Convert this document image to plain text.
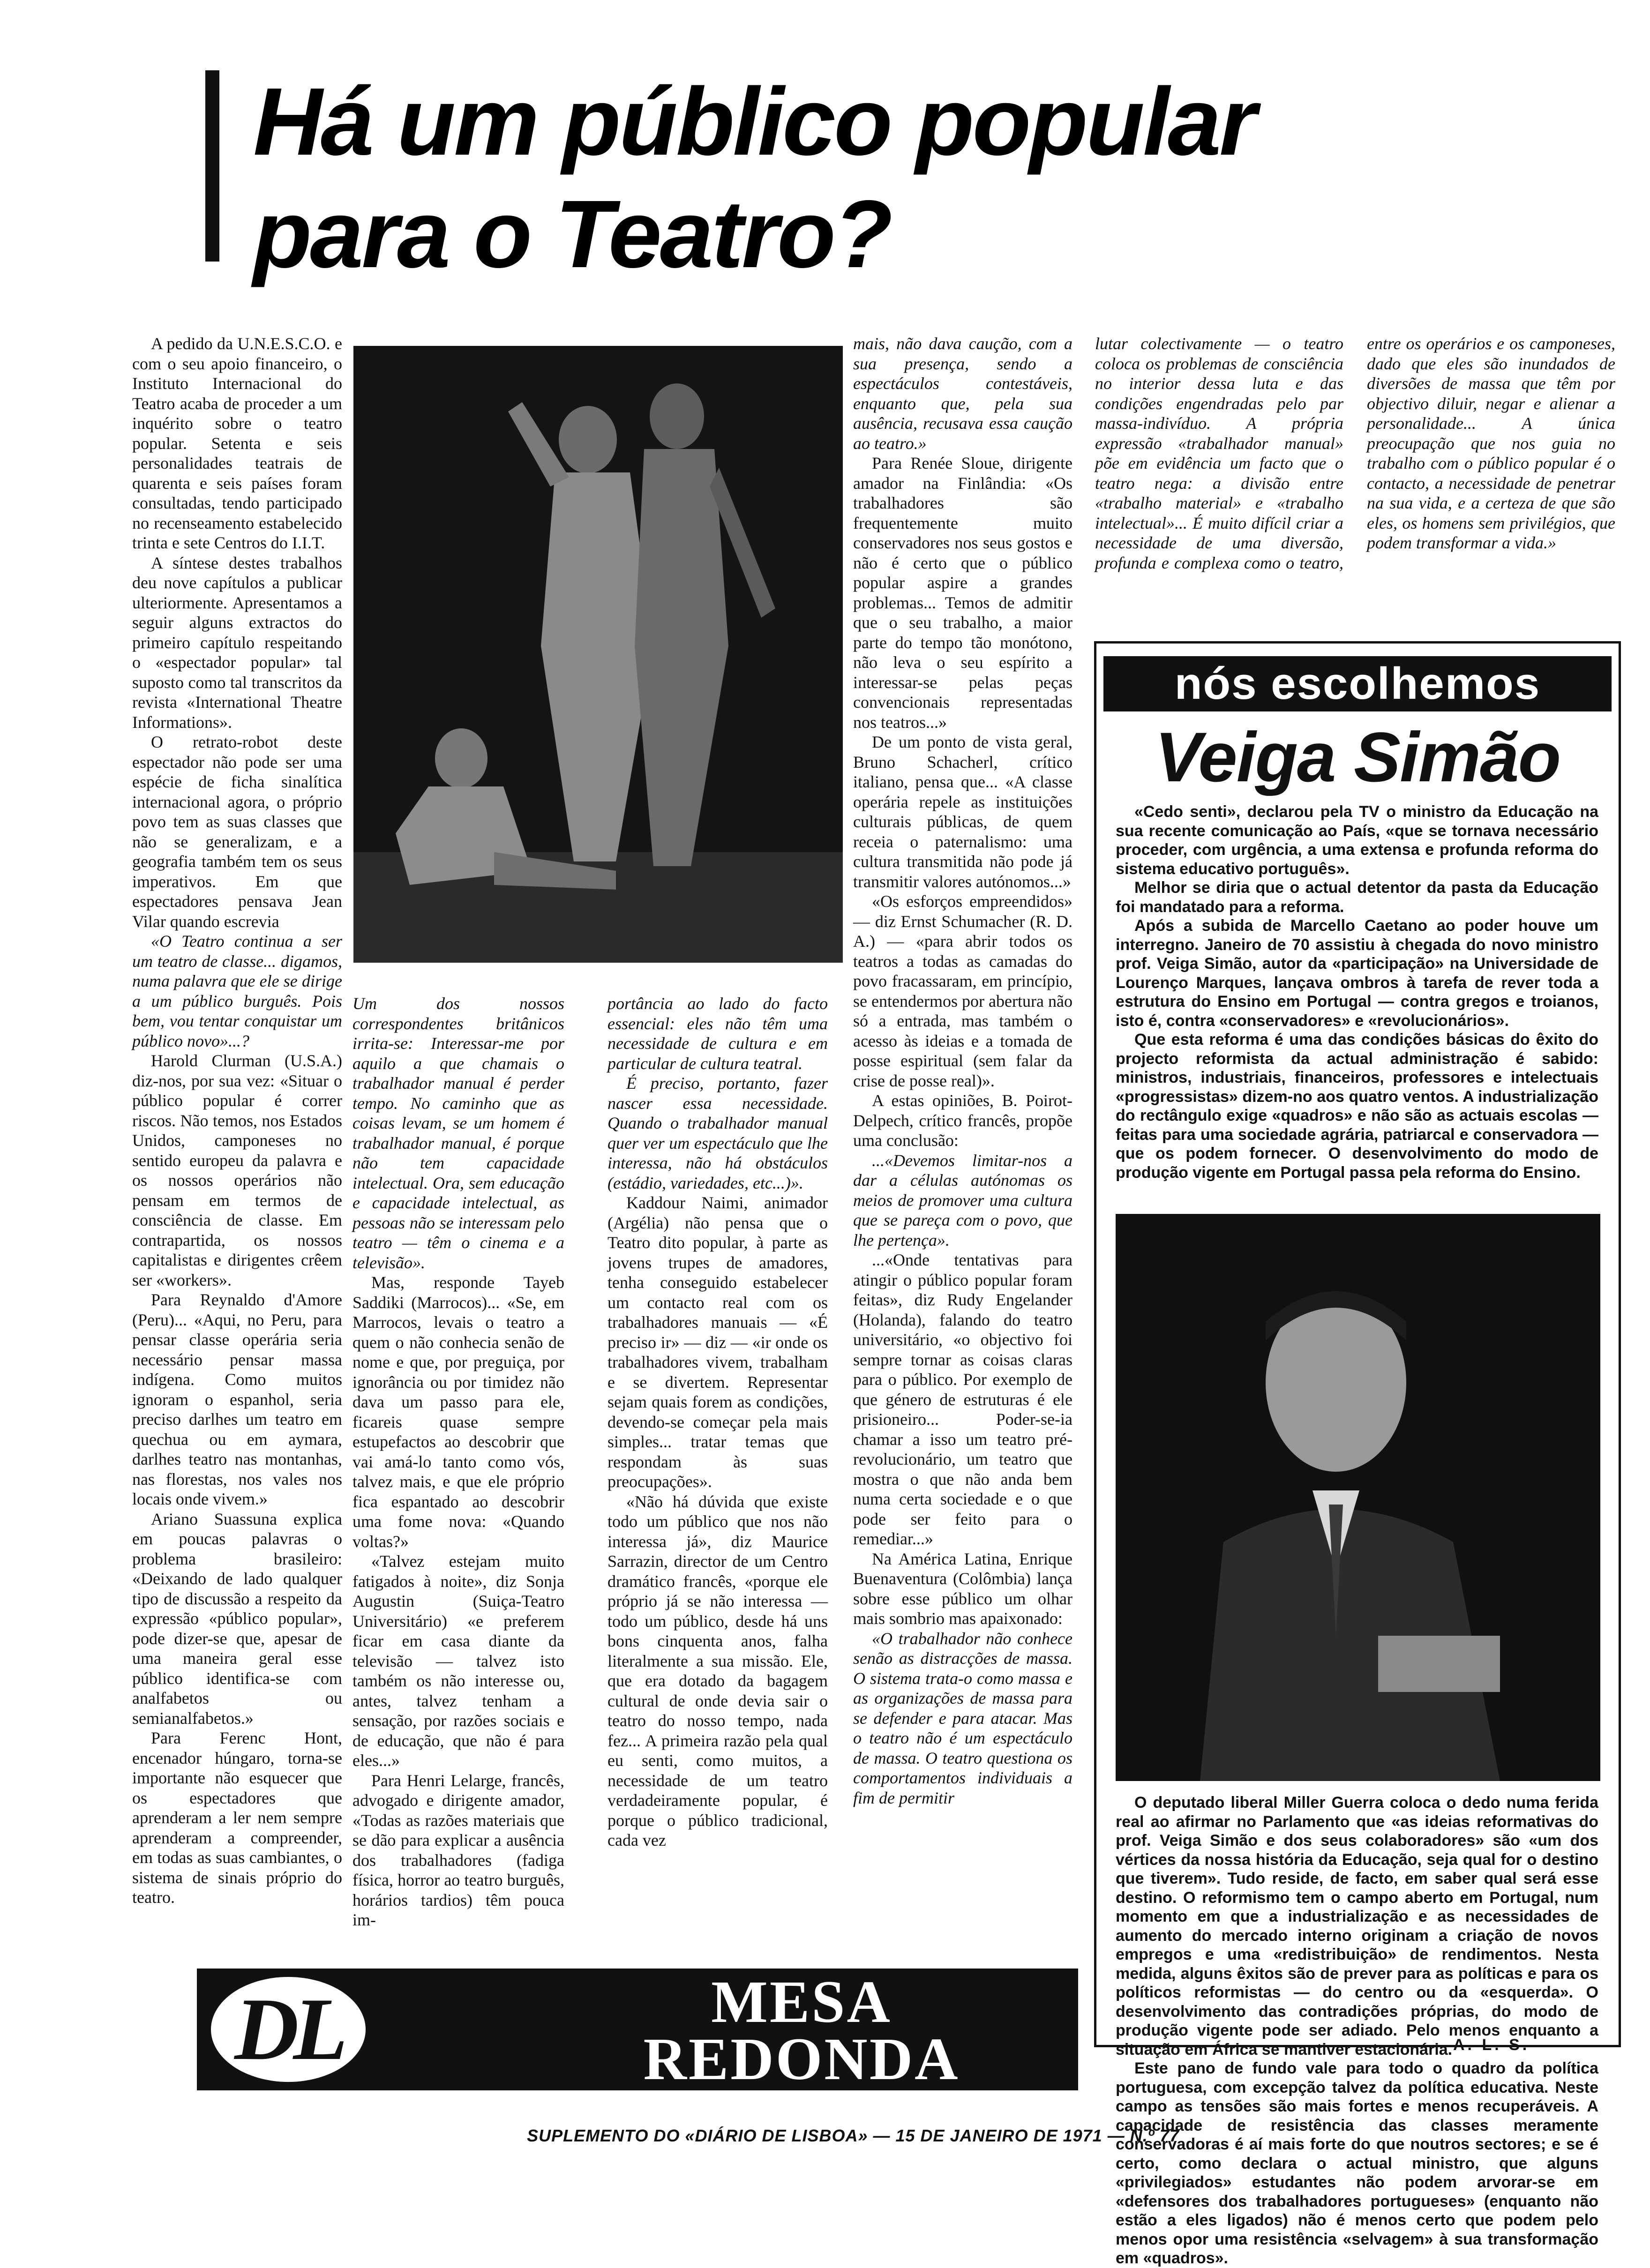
Há um público popular
para o Teatro?

A pedido da U.N.E.S.C.O. e com o seu apoio financeiro, o Instituto Internacional do Teatro acaba de proceder a um inquérito sobre o teatro popular. Setenta e seis personalidades teatrais de quarenta e seis países foram consultadas, tendo participado no recenseamento estabelecido trinta e sete Centros do I.I.T.

A síntese destes trabalhos deu nove capítulos a publicar ulteriormente. Apresentamos a seguir alguns extractos do primeiro capítulo respeitando o «espectador popular» tal suposto como tal transcritos da revista «International Theatre Informations».

O retrato-robot deste espectador não pode ser uma espécie de ficha sinalítica internacional agora, o próprio povo tem as suas classes que não se generalizam, e a geografia também tem os seus imperativos. Em que espectadores pensava Jean Vilar quando escrevia

«O Teatro continua a ser um teatro de classe... digamos, numa palavra que ele se dirige a um público burguês. Pois bem, vou tentar conquistar um público novo»...?

Harold Clurman (U.S.A.) diz-nos, por sua vez: «Situar o público popular é correr riscos. Não temos, nos Estados Unidos, camponeses no sentido europeu da palavra e os nossos operários não pensam em termos de consciência de classe. Em contrapartida, os nossos capitalistas e dirigentes crêem ser «workers».

Para Reynaldo d'Amore (Peru)... «Aqui, no Peru, para pensar classe operária seria necessário pensar massa indígena. Como muitos ignoram o espanhol, seria preciso darlhes um teatro em quechua ou em aymara, darlhes teatro nas montanhas, nas florestas, nos vales nos locais onde vivem.»

Ariano Suassuna explica em poucas palavras o problema brasileiro: «Deixando de lado qualquer tipo de discussão a respeito da expressão «público popular», pode dizer-se que, apesar de uma maneira geral esse público identifica-se com analfabetos ou semianalfabetos.»

Para Ferenc Hont, encenador húngaro, torna-se importante não esquecer que os espectadores que aprenderam a ler nem sempre aprenderam a compreender, em todas as suas cambiantes, o sistema de sinais próprio do teatro.

Um dos nossos correspondentes britânicos irrita-se: Interessar-me por aquilo a que chamais o trabalhador manual é perder tempo. No caminho que as coisas levam, se um homem é trabalhador manual, é porque não tem capacidade intelectual. Ora, sem educação e capacidade intelectual, as pessoas não se interessam pelo teatro — têm o cinema e a televisão».

Mas, responde Tayeb Saddiki (Marrocos)... «Se, em Marrocos, levais o teatro a quem o não conhecia senão de nome e que, por preguiça, por ignorância ou por timidez não dava um passo para ele, ficareis quase sempre estupefactos ao descobrir que vai amá-lo tanto como vós, talvez mais, e que ele próprio fica espantado ao descobrir uma fome nova: «Quando voltas?»

«Talvez estejam muito fatigados à noite», diz Sonja Augustin (Suiça-Teatro Universitário) «e preferem ficar em casa diante da televisão — talvez isto também os não interesse ou, antes, talvez tenham a sensação, por razões sociais e de educação, que não é para eles...»

Para Henri Lelarge, francês, advogado e dirigente amador, «Todas as razões materiais que se dão para explicar a ausência dos trabalhadores (fadiga física, horror ao teatro burguês, horários tardios) têm pouca im-

portância ao lado do facto essencial: eles não têm uma necessidade de cultura e em particular de cultura teatral.

É preciso, portanto, fazer nascer essa necessidade. Quando o trabalhador manual quer ver um espectáculo que lhe interessa, não há obstáculos (estádio, variedades, etc...)».

Kaddour Naimi, animador (Argélia) não pensa que o Teatro dito popular, à parte as jovens trupes de amadores, tenha conseguido estabelecer um contacto real com os trabalhadores manuais — «É preciso ir» — diz — «ir onde os trabalhadores vivem, trabalham e se divertem. Representar sejam quais forem as condições, devendo-se começar pela mais simples... tratar temas que respondam às suas preocupações».

«Não há dúvida que existe todo um público que nos não interessa já», diz Maurice Sarrazin, director de um Centro dramático francês, «porque ele próprio já se não interessa — todo um público, desde há uns bons cinquenta anos, falha literalmente a sua missão. Ele, que era dotado da bagagem cultural de onde devia sair o teatro do nosso tempo, nada fez... A primeira razão pela qual eu senti, como muitos, a necessidade de um teatro verdadeiramente popular, é porque o público tradicional, cada vez

mais, não dava caução, com a sua presença, sendo a espectáculos contestáveis, enquanto que, pela sua ausência, recusava essa caução ao teatro.»

Para Renée Sloue, dirigente amador na Finlândia: «Os trabalhadores são frequentemente muito conservadores nos seus gostos e não é certo que o público popular aspire a grandes problemas... Temos de admitir que o seu trabalho, a maior parte do tempo tão monótono, não leva o seu espírito a interessar-se pelas peças convencionais representadas nos teatros...»

De um ponto de vista geral, Bruno Schacherl, crítico italiano, pensa que... «A classe operária repele as instituições culturais públicas, de quem receia o paternalismo: uma cultura transmitida não pode já transmitir valores autónomos...»

«Os esforços empreendidos» — diz Ernst Schumacher (R. D. A.) — «para abrir todos os teatros a todas as camadas do povo fracassaram, em princípio, se entendermos por abertura não só a entrada, mas também o acesso às ideias e a tomada de posse espiritual (sem falar da crise de posse real)».

A estas opiniões, B. Poirot-Delpech, crítico francês, propõe uma conclusão:

...«Devemos limitar-nos a dar a células autónomas os meios de promover uma cultura que se pareça com o povo, que lhe pertença».

...«Onde tentativas para atingir o público popular foram feitas», diz Rudy Engelander (Holanda), falando do teatro universitário, «o objectivo foi sempre tornar as coisas claras para o público. Por exemplo de que género de estruturas é ele prisioneiro... Poder-se-ia chamar a isso um teatro pré-revolucionário, um teatro que mostra o que não anda bem numa certa sociedade e o que pode ser feito para o remediar...»

Na América Latina, Enrique Buenaventura (Colômbia) lança sobre esse público um olhar mais sombrio mas apaixonado:

«O trabalhador não conhece senão as distracções de massa. O sistema trata-o como massa e as organizações de massa para se defender e para atacar. Mas o teatro não é um espectáculo de massa. O teatro questiona os comportamentos individuais a fim de permitir

lutar colectivamente — o teatro coloca os problemas de consciência no interior dessa luta e das condições engendradas pelo par massa-indivíduo. A própria expressão «trabalhador manual» põe em evidência um facto que o teatro nega: a divisão entre «trabalho material» e «trabalho intelectual»... É muito difícil criar a necessidade de uma diversão, profunda e complexa como o teatro, entre os operários e os camponeses, dado que eles são inundados de diversões de massa que têm por objectivo diluir, negar e alienar a personalidade... A única preocupação que nos guia no trabalho com o público popular é o contacto, a necessidade de penetrar na sua vida, e a certeza de que são eles, os homens sem privilégios, que podem transformar a vida.»

nós escolhemos
Veiga Simão

«Cedo senti», declarou pela TV o ministro da Educação na sua recente comunicação ao País, «que se tornava necessário proceder, com urgência, a uma extensa e profunda reforma do sistema educativo português».

Melhor se diria que o actual detentor da pasta da Educação foi mandatado para a reforma.

Após a subida de Marcello Caetano ao poder houve um interregno. Janeiro de 70 assistiu à chegada do novo ministro prof. Veiga Simão, autor da «participação» na Universidade de Lourenço Marques, lançava ombros à tarefa de rever toda a estrutura do Ensino em Portugal — contra gregos e troianos, isto é, contra «conservadores» e «revolucionários».

Que esta reforma é uma das condições básicas do êxito do projecto reformista da actual administração é sabido: ministros, industriais, financeiros, professores e intelectuais «progressistas» dizem-no aos quatro ventos. A industrialização do rectângulo exige «quadros» e não são as actuais escolas — feitas para uma sociedade agrária, patriarcal e conservadora — que os podem fornecer. O desenvolvimento do modo de produção vigente em Portugal passa pela reforma do Ensino.

O deputado liberal Miller Guerra coloca o dedo numa ferida real ao afirmar no Parlamento que «as ideias reformativas do prof. Veiga Simão e dos seus colaboradores» são «um dos vértices da nossa história da Educação, seja qual for o destino que tiverem». Tudo reside, de facto, em saber qual será esse destino. O reformismo tem o campo aberto em Portugal, num momento em que a industrialização e as necessidades de aumento do mercado interno originam a criação de novos empregos e uma «redistribuição» de rendimentos. Nesta medida, alguns êxitos são de prever para as políticas e para os políticos reformistas — do centro ou da «esquerda». O desenvolvimento das contradições próprias, do modo de produção vigente pode ser adiado. Pelo menos enquanto a situação em África se mantiver estacionária.

Este pano de fundo vale para todo o quadro da política portuguesa, com excepção talvez da política educativa. Neste campo as tensões são mais fortes e menos recuperáveis. A capacidade de resistência das classes meramente conservadoras é aí mais forte do que noutros sectores; e se é certo, como declara o actual ministro, que alguns «privilegiados» estudantes não podem arvorar-se em «defensores dos trabalhadores portugueses» (enquanto não estão a eles ligados) não é menos certo que podem pelo menos opor uma resistência «selvagem» à sua transformação em «quadros».

A. L. S.
DL	MESA
REDONDA
SUPLEMENTO DO «DIÁRIO DE LISBOA» — 15 DE JANEIRO DE 1971 — N.º 77
